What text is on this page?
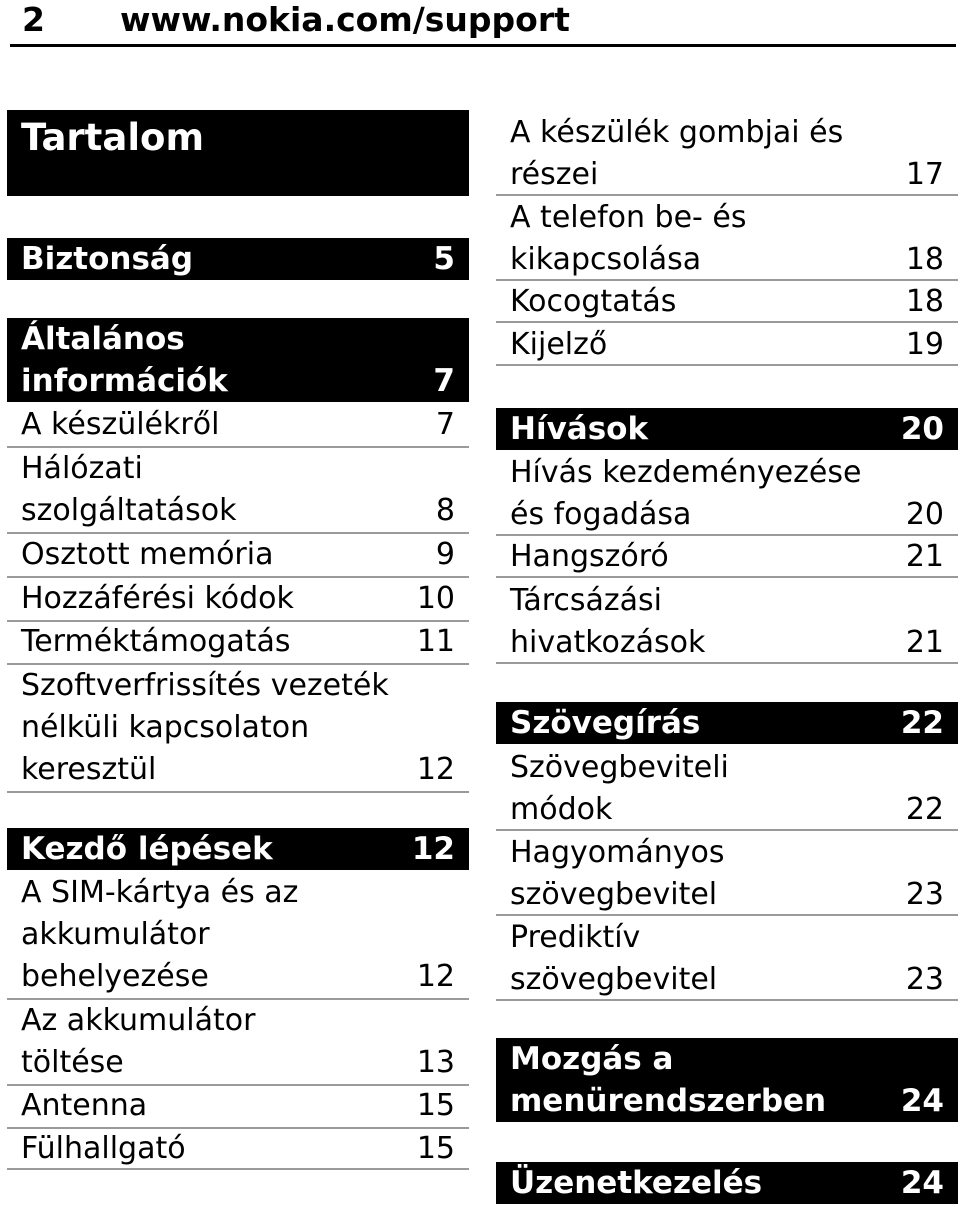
2 www.nokia.com/support
Tartalom
Biztonság	5
Általános
információk	7
A készülékről	7
Hálózati
szolgáltatások	8
Osztott memória	9
Hozzáférési kódok	10
Terméktámogatás	11
Szoftverfrissítés vezeték
nélküli kapcsolaton
keresztül	12
Kezdő lépések	12
A SIM-kártya és az
akkumulátor
behelyezése	12
Az akkumulátor
töltése	13
Antenna	15
Fülhallgató	15
A készülék gombjai és
részei	17
A telefon be- és
kikapcsolása	18
Kocogtatás	18
Kijelző	19
Hívások	20
Hívás kezdeményezése
és fogadása	20
Hangszóró	21
Tárcsázási
hivatkozások	21
Szövegírás	22
Szövegbeviteli
módok	22
Hagyományos
szövegbevitel	23
Prediktív
szövegbevitel	23
Mozgás a
menürendszerben 24
Üzenetkezelés	24
